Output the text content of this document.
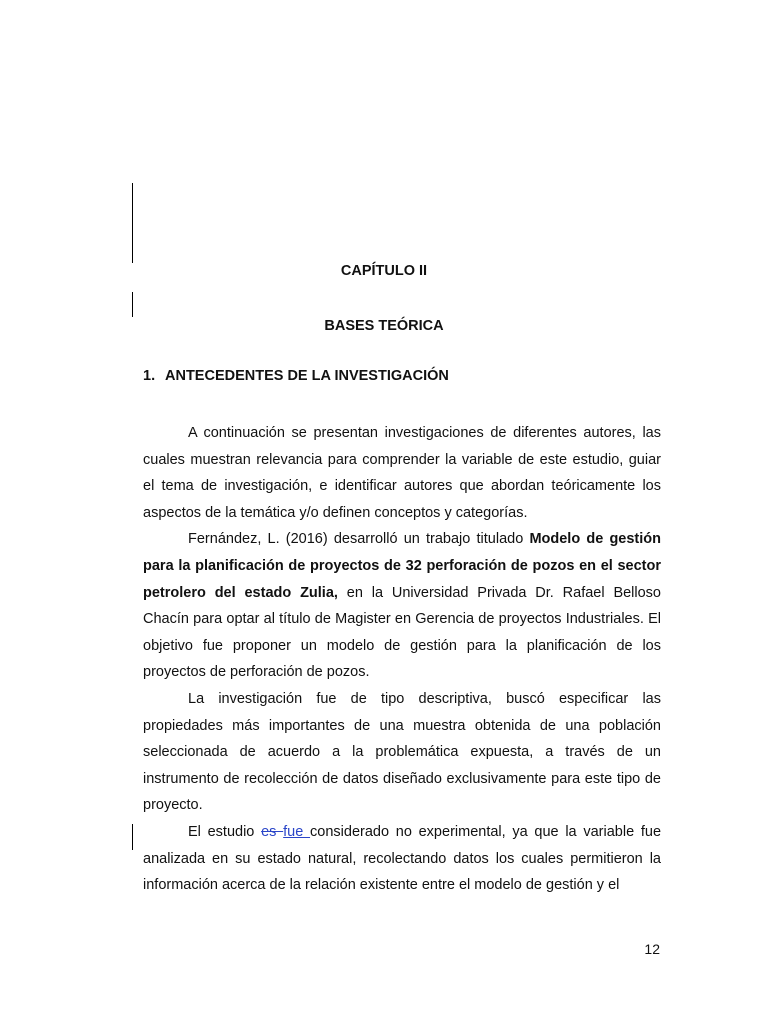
CAPÍTULO II
BASES TEÓRICA
1. ANTECEDENTES DE LA INVESTIGACIÓN

A continuación se presentan investigaciones de diferentes autores, las cuales muestran relevancia para comprender la variable de este estudio, guiar el tema de investigación, e identificar autores que abordan teóricamente los aspectos de la temática y/o definen conceptos y categorías.

Fernández, L. (2016) desarrolló un trabajo titulado Modelo de gestión para la planificación de proyectos de 32 perforación de pozos en el sector petrolero del estado Zulia, en la Universidad Privada Dr. Rafael Belloso Chacín para optar al título de Magister en Gerencia de proyectos Industriales. El objetivo fue proponer un modelo de gestión para la planificación de los proyectos de perforación de pozos.

La investigación fue de tipo descriptiva, buscó especificar las propiedades más importantes de una muestra obtenida de una población seleccionada de acuerdo a la problemática expuesta, a través de un instrumento de recolección de datos diseñado exclusivamente para este tipo de proyecto.

El estudio es fue considerado no experimental, ya que la variable fue analizada en su estado natural, recolectando datos los cuales permitieron la información acerca de la relación existente entre el modelo de gestión y el

12
